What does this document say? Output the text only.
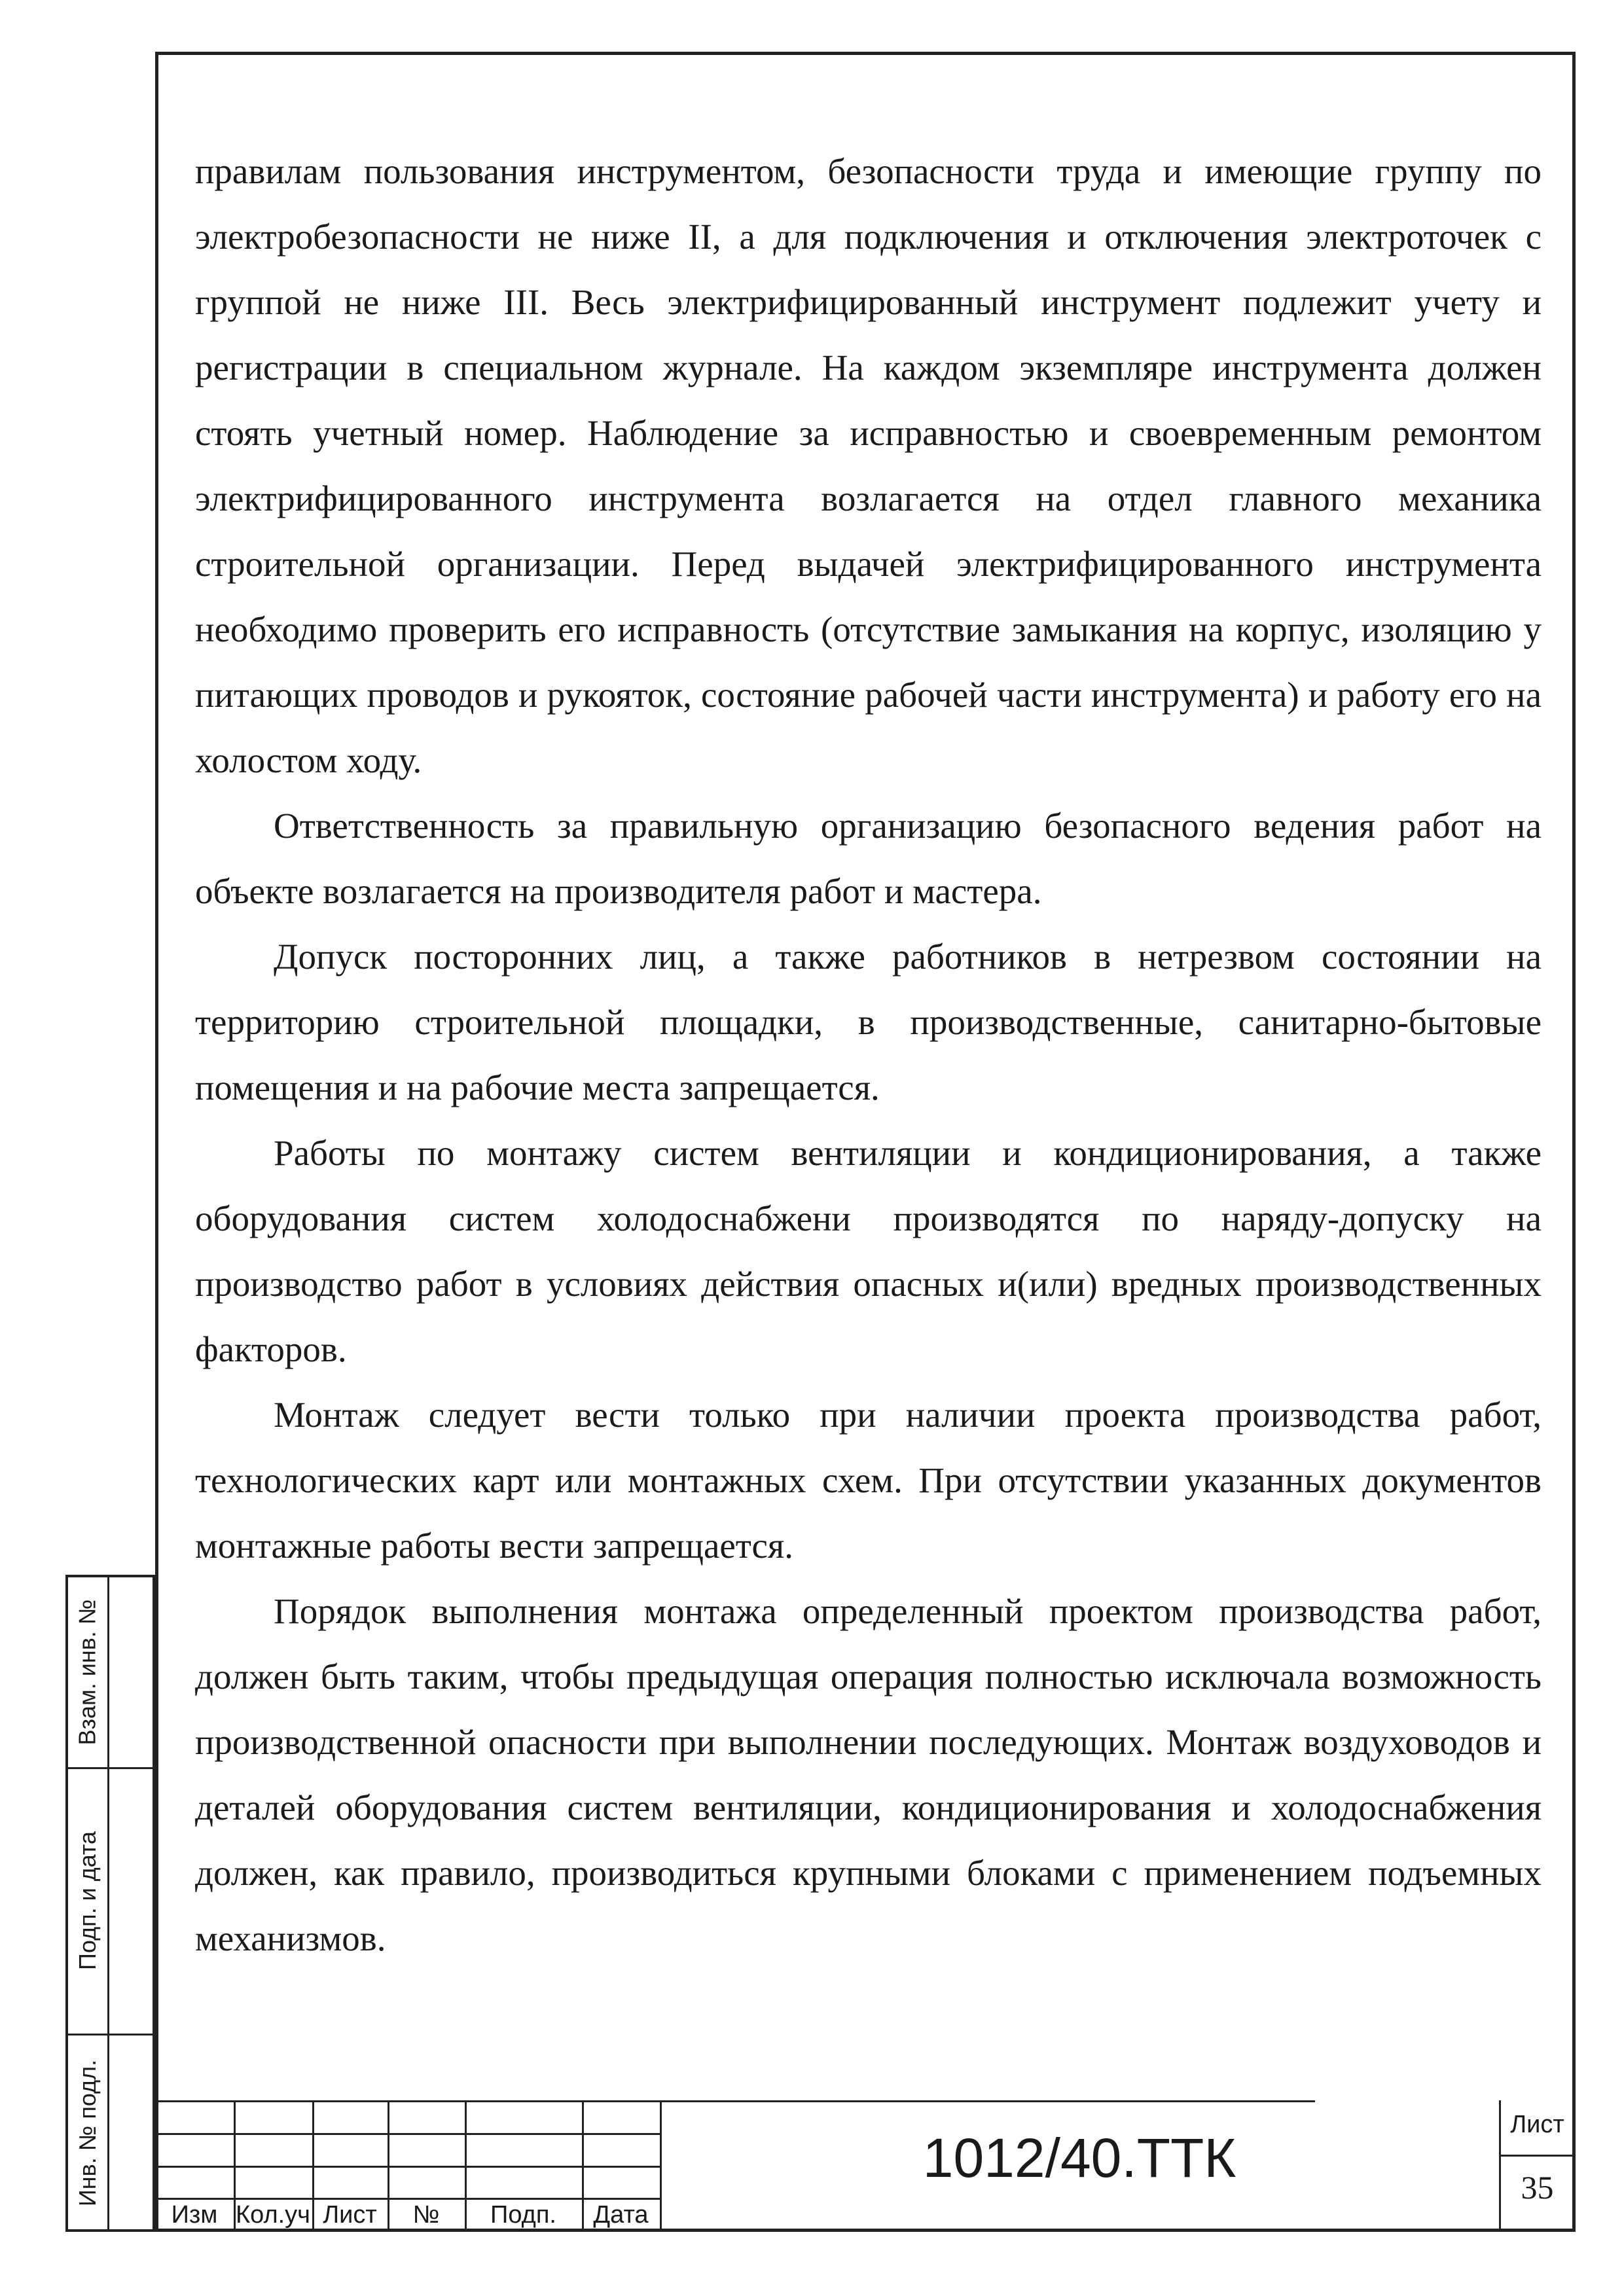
правилам пользования инструментом, безопасности труда и имеющие группу по электробезопасности не ниже II, а для подключения и отключения электроточек с группой не ниже III. Весь электрифицированный инструмент подлежит учету и регистрации в специальном журнале. На каждом экземпляре инструмента должен стоять учетный номер. Наблюдение за исправностью и своевременным ремонтом электрифицированного инструмента возлагается на отдел главного механика строительной организации. Перед выдачей электрифицированного инструмента необходимо проверить его исправность (отсутствие замыкания на корпус, изоляцию у питающих проводов и рукояток, состояние рабочей части инструмента) и работу его на холостом ходу.

Ответственность за правильную организацию безопасного ведения работ на объекте возлагается на производителя работ и мастера.

Допуск посторонних лиц, а также работников в нетрезвом состоянии на территорию строительной площадки, в производственные, санитарно-бытовые помещения и на рабочие места запрещается.

Работы по монтажу систем вентиляции и кондиционирования, а также оборудования систем холодоснабжени производятся по наряду-допуску на производство работ в условиях действия опасных и(или) вредных производственных факторов.

Монтаж следует вести только при наличии проекта производства работ, технологических карт или монтажных схем. При отсутствии указанных документов монтажные работы вести запрещается.

Порядок выполнения монтажа определенный проектом производства работ, должен быть таким, чтобы предыдущая операция полностью исключала возможность производственной опасности при выполнении последующих. Монтаж воздуховодов и деталей оборудования систем вентиляции, кондиционирования и холодоснабжения должен, как правило, производиться крупными блоками с применением подъемных механизмов.

Взам. инв. №
Подп. и дата
Инв. № подл.
Изм Кол.уч Лист	№	Подп.	Дата
1012/40.ТТК
Лист
35
